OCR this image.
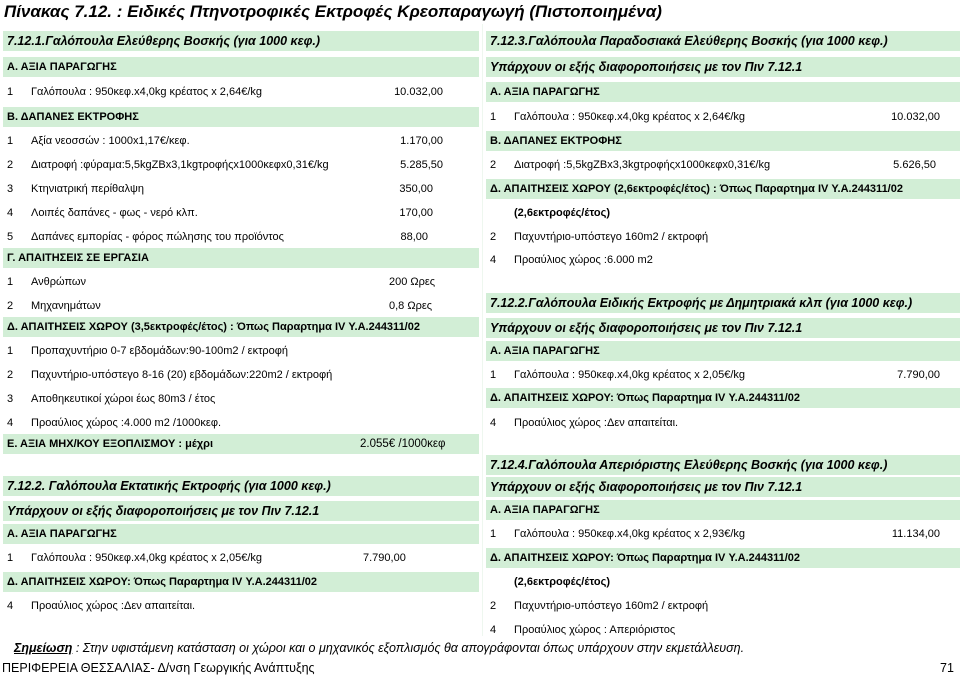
Πίνακας 7.12. : Ειδικές Πτηνοτροφικές Εκτροφές Κρεοπαραγωγή (Πιστοποιημένα)
7.12.1.Γαλόπουλα Ελεύθερης Βοσκής (για 1000 κεφ.)
Α. ΑΞΙΑ ΠΑΡΑΓΩΓΗΣ
1 Γαλόπουλα : 950κεφ.x4,0kg κρέατος x 2,64€/kg	10.032,00
Β. ΔΑΠΑΝΕΣ ΕΚΤΡΟΦΗΣ
1 Αξία νεοσσών : 1000x1,17€/κεφ.	1.170,00
2 Διατροφή :φύραμα:5,5kgZBx3,1kgτροφήςx1000κεφx0,31€/kg	5.285,50
3 Κτηνιατρική περίθαλψη	350,00
4 Λοιπές δαπάνες - φως - νερό κλπ.	170,00
5 Δαπάνες εμπορίας - φόρος πώλησης του προϊόντος	88,00
Γ. ΑΠΑΙΤΗΣΕΙΣ ΣΕ ΕΡΓΑΣΙΑ
1 Ανθρώπων	200 Ωρες
2 Μηχανημάτων	0,8 Ωρες
Δ. ΑΠΑΙΤΗΣΕΙΣ ΧΩΡΟΥ (3,5εκτροφές/έτος) : Όπως Παραρτημα IV Υ.Α.244311/02
1 Προπαχυντήριο 0-7 εβδομάδων:90-100m2 / εκτροφή
2 Παχυντήριο-υπόστεγο 8-16 (20) εβδομάδων:220m2 / εκτροφή
3 Αποθηκευτικοί χώροι έως 80m3 / έτος
4 Προαύλιος χώρος :4.000 m2 /1000κεφ.
Ε. ΑΞΙΑ ΜΗΧ/ΚΟΥ ΕΞΟΠΛΙΣΜΟΥ : μέχρι	2.055€ /1000κεφ
7.12.2. Γαλόπουλα Εκτατικής Εκτροφής (για 1000 κεφ.)
Υπάρχουν οι εξής διαφοροποιήσεις με τον Πιν 7.12.1
Α. ΑΞΙΑ ΠΑΡΑΓΩΓΗΣ
1 Γαλόπουλα : 950κεφ.x4,0kg κρέατος x 2,05€/kg	7.790,00
Δ. ΑΠΑΙΤΗΣΕΙΣ ΧΩΡΟΥ: Όπως Παραρτημα IV Υ.Α.244311/02
4 Προαύλιος χώρος :Δεν απαιτείται.
7.12.3.Γαλόπουλα Παραδοσιακά Ελεύθερης Βοσκής (για 1000 κεφ.)
Υπάρχουν οι εξής διαφοροποιήσεις με τον Πιν 7.12.1
Α. ΑΞΙΑ ΠΑΡΑΓΩΓΗΣ
1 Γαλόπουλα : 950κεφ.x4,0kg κρέατος x 2,64€/kg	10.032,00
Β. ΔΑΠΑΝΕΣ ΕΚΤΡΟΦΗΣ
2 Διατροφή :5,5kgZBx3,3kgτροφήςx1000κεφx0,31€/kg	5.626,50
Δ. ΑΠΑΙΤΗΣΕΙΣ ΧΩΡΟΥ (2,6εκτροφές/έτος) : Όπως Παραρτημα IV Υ.Α.244311/02
(2,6εκτροφές/έτος)
2 Παχυντήριο-υπόστεγο 160m2 / εκτροφή
4 Προαύλιος χώρος :6.000 m2
7.12.2.Γαλόπουλα Ειδικής Εκτροφής με Δημητριακά κλπ (για 1000 κεφ.)
Υπάρχουν οι εξής διαφοροποιήσεις με τον Πιν 7.12.1
Α. ΑΞΙΑ ΠΑΡΑΓΩΓΗΣ
1 Γαλόπουλα : 950κεφ.x4,0kg κρέατος x 2,05€/kg	7.790,00
Δ. ΑΠΑΙΤΗΣΕΙΣ ΧΩΡΟΥ: Όπως Παραρτημα IV Υ.Α.244311/02
4 Προαύλιος χώρος :Δεν απαιτείται.
7.12.4.Γαλόπουλα Απεριόριστης Ελεύθερης Βοσκής (για 1000 κεφ.)
Υπάρχουν οι εξής διαφοροποιήσεις με τον Πιν 7.12.1
Α. ΑΞΙΑ ΠΑΡΑΓΩΓΗΣ
1 Γαλόπουλα : 950κεφ.x4,0kg κρέατος x 2,93€/kg	11.134,00
Δ. ΑΠΑΙΤΗΣΕΙΣ ΧΩΡΟΥ: Όπως Παραρτημα IV Υ.Α.244311/02
(2,6εκτροφές/έτος)
2 Παχυντήριο-υπόστεγο 160m2 / εκτροφή
4 Προαύλιος χώρος : Απεριόριστος
Σημείωση : Στην υφιστάμενη κατάσταση οι χώροι και ο μηχανικός εξοπλισμός θα απογράφονται όπως υπάρχουν στην εκμετάλλευση.
ΠΕΡΙΦΕΡΕΙΑ ΘΕΣΣΑΛΙΑΣ- Δ/νση Γεωργικής Ανάπτυξης	71
